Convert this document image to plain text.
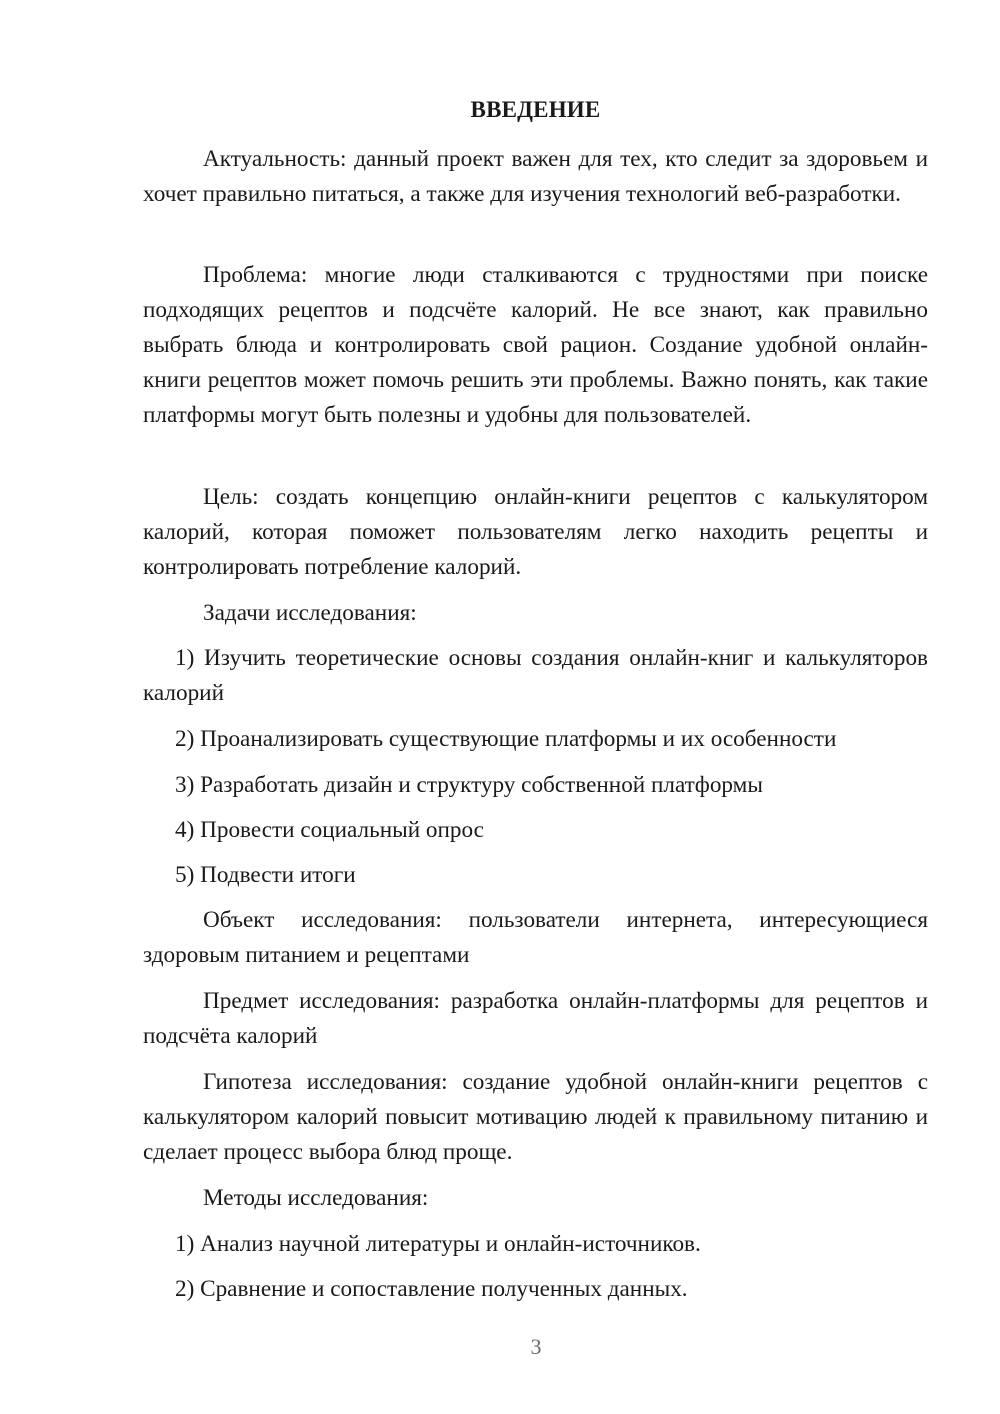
ВВЕДЕНИЕ

Актуальность: данный проект важен для тех, кто следит за здоровьем и хочет правильно питаться, а также для изучения технологий веб-разработки.

Проблема: многие люди сталкиваются с трудностями при поиске подходящих рецептов и подсчёте калорий. Не все знают, как правильно выбрать блюда и контролировать свой рацион. Создание удобной онлайн-книги рецептов может помочь решить эти проблемы. Важно понять, как такие платформы могут быть полезны и удобны для пользователей.

Цель: создать концепцию онлайн-книги рецептов с калькулятором калорий, которая поможет пользователям легко находить рецепты и контролировать потребление калорий.

Задачи исследования:

1) Изучить теоретические основы создания онлайн-книг и калькуляторов калорий

2) Проанализировать существующие платформы и их особенности

3) Разработать дизайн и структуру собственной платформы

4) Провести социальный опрос

5) Подвести итоги

Объект исследования: пользователи интернета, интересующиеся здоровым питанием и рецептами

Предмет исследования: разработка онлайн-платформы для рецептов и подсчёта калорий

Гипотеза исследования: создание удобной онлайн-книги рецептов с калькулятором калорий повысит мотивацию людей к правильному питанию и сделает процесс выбора блюд проще.

Методы исследования:

1) Анализ научной литературы и онлайн-источников.

2) Сравнение и сопоставление полученных данных.

3
